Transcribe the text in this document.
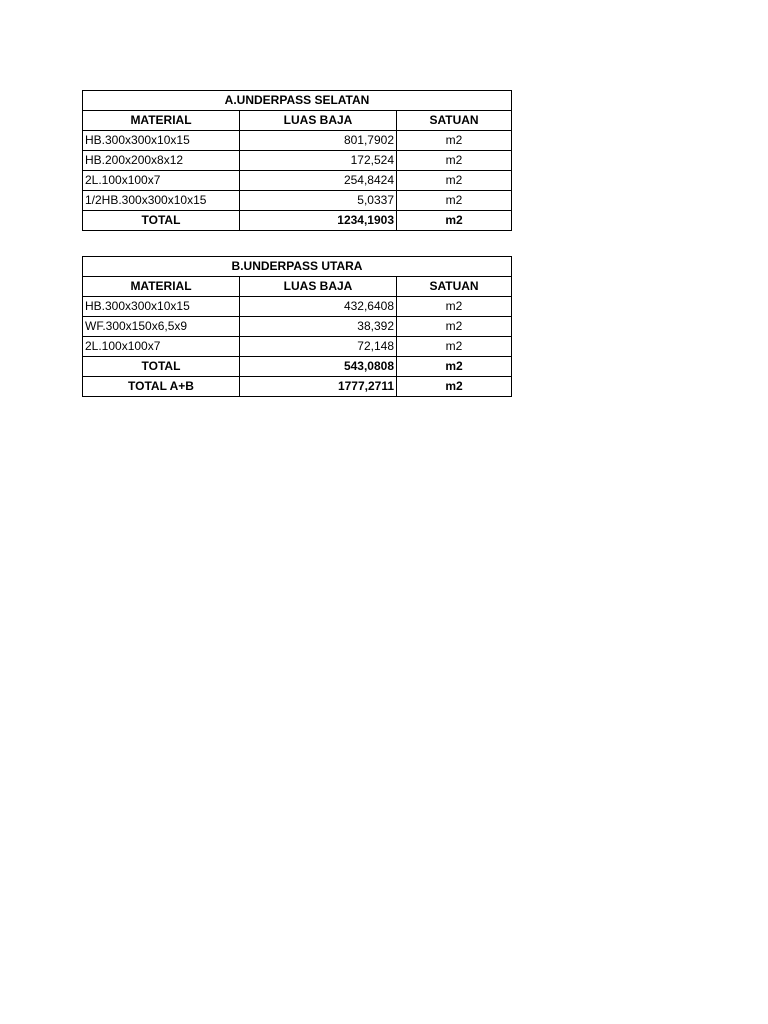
A.UNDERPASS SELATAN		
MATERIAL	LUAS BAJA	SATUAN
HB.300x300x10x15	801,7902	m2
HB.200x200x8x12	172,524	m2
2L.100x100x7	254,8424	m2
1/2HB.300x300x10x15	5,0337	m2
TOTAL	1234,1903	m2
B.UNDERPASS UTARA		
MATERIAL	LUAS BAJA	SATUAN
HB.300x300x10x15	432,6408	m2
WF.300x150x6,5x9	38,392	m2
2L.100x100x7	72,148	m2
TOTAL	543,0808	m2
TOTAL A+B	1777,2711	m2
